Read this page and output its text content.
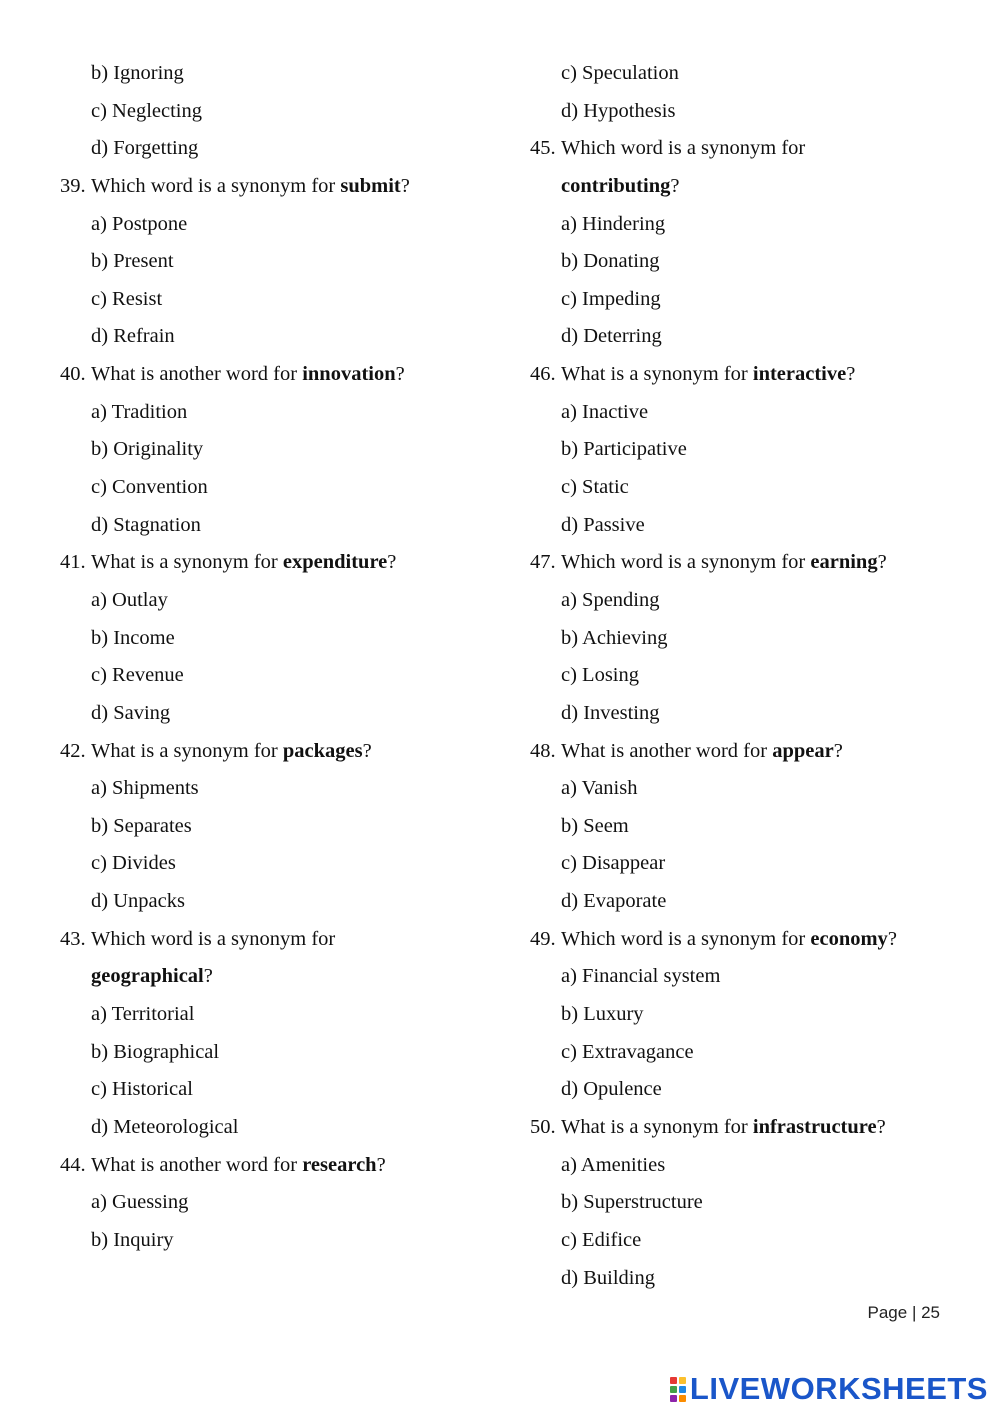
b) Ignoring
c) Neglecting
d) Forgetting
39. Which word is a synonym for submit?
a) Postpone
b) Present
c) Resist
d) Refrain
40. What is another word for innovation?
a) Tradition
b) Originality
c) Convention
d) Stagnation
41. What is a synonym for expenditure?
a) Outlay
b) Income
c) Revenue
d) Saving
42. What is a synonym for packages?
a) Shipments
b) Separates
c) Divides
d) Unpacks
43. Which word is a synonym for
geographical?
a) Territorial
b) Biographical
c) Historical
d) Meteorological
44. What is another word for research?
a) Guessing
b) Inquiry
c) Speculation
d) Hypothesis
45. Which word is a synonym for
contributing?
a) Hindering
b) Donating
c) Impeding
d) Deterring
46. What is a synonym for interactive?
a) Inactive
b) Participative
c) Static
d) Passive
47. Which word is a synonym for earning?
a) Spending
b) Achieving
c) Losing
d) Investing
48. What is another word for appear?
a) Vanish
b) Seem
c) Disappear
d) Evaporate
49. Which word is a synonym for economy?
a) Financial system
b) Luxury
c) Extravagance
d) Opulence
50. What is a synonym for infrastructure?
a) Amenities
b) Superstructure
c) Edifice
d) Building
Page | 25
LIVEWORKSHEETS
